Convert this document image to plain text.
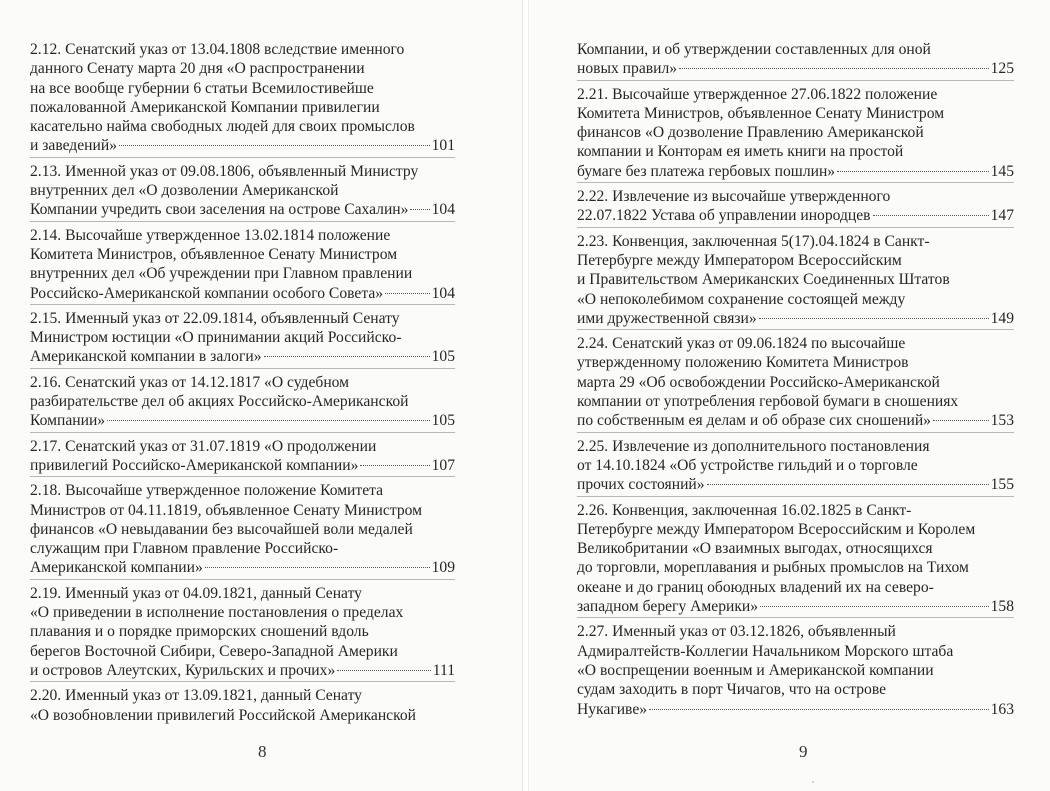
2.12. Сенатский указ от 13.04.1808 вследствие именного
данного Сенату марта 20 дня «О распространении
на все вообще губернии 6 статьи Всемилостивейше
пожалованной Американской Компании привилегии
касательно найма свободных людей для своих промыслов
и заведений»	101
2.13. Именной указ от 09.08.1806, объявленный Министру
внутренних дел «О дозволении Американской
Компании учредить свои заселения на острове Сахалин» 104
2.14. Высочайше утвержденное 13.02.1814 положение
Комитета Министров, объявленное Сенату Министром
внутренних дел «Об учреждении при Главном правлении
Российско-Американской компании особого Совета»	104
2.15. Именный указ от 22.09.1814, объявленный Сенату
Министром юстиции «О принимании акций Российско-
Американской компании в залоги»	105
2.16. Сенатский указ от 14.12.1817 «О судебном
разбирательстве дел об акциях Российско-Американской
Компании»	105
2.17. Сенатский указ от 31.07.1819 «О продолжении
привилегий Российско-Американской компании»	107
2.18. Высочайше утвержденное положение Комитета
Министров от 04.11.1819, объявленное Сенату Министром
финансов «О невыдавании без высочайшей воли медалей
служащим при Главном правление Российско-
Американской компании»	109
2.19. Именный указ от 04.09.1821, данный Сенату
«О приведении в исполнение постановления о пределах
плавания и о порядке приморских сношений вдоль
берегов Восточной Сибири, Северо-Западной Америки
и островов Алеутских, Курильских и прочих»	111
2.20. Именный указ от 13.09.1821, данный Сенату
«О возобновлении привилегий Российской Американской
8
Компании, и об утверждении составленных для оной
новых правил»	125
2.21. Высочайше утвержденное 27.06.1822 положение
Комитета Министров, объявленное Сенату Министром
финансов «О дозволение Правлению Американской
компании и Конторам ея иметь книги на простой
бумаге без платежа гербовых пошлин»	145
2.22. Извлечение из высочайше утвержденного
22.07.1822 Устава об управлении инородцев	147
2.23. Конвенция, заключенная 5(17).04.1824 в Санкт-
Петербурге между Императором Всероссийским
и Правительством Американских Соединенных Штатов
«О непоколебимом сохранение состоящей между
ими дружественной связи»	149
2.24. Сенатский указ от 09.06.1824 по высочайше
утвержденному положению Комитета Министров
марта 29 «Об освобождении Российско-Американской
компании от употребления гербовой бумаги в сношениях
по собственным ея делам и об образе сих сношений»	153
2.25. Извлечение из дополнительного постановления
от 14.10.1824 «Об устройстве гильдий и о торговле
прочих состояний»	155
2.26. Конвенция, заключенная 16.02.1825 в Санкт-
Петербурге между Императором Всероссийским и Королем
Великобритании «О взаимных выгодах, относящихся
до торговли, мореплавания и рыбных промыслов на Тихом
океане и до границ обоюдных владений их на северо-
западном берегу Америки»	158
2.27. Именный указ от 03.12.1826, объявленный
Адмиралтейств-Коллегии Начальником Морского штаба
«О воспрещении военным и Американской компании
судам заходить в порт Чичагов, что на острове
Нукагиве»	163
9
